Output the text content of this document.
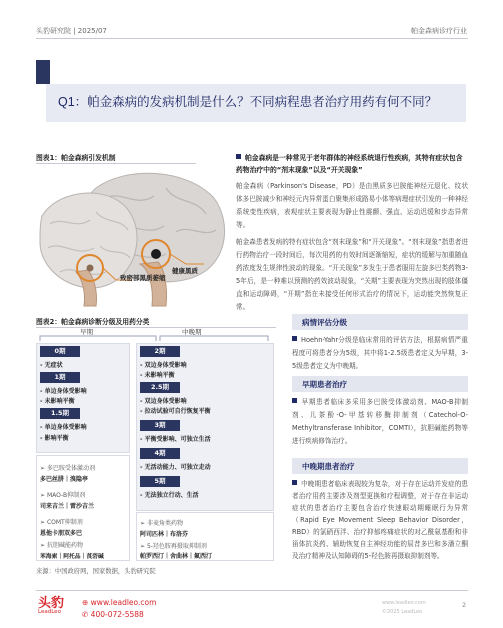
头豹研究院 | 2025/07	帕金森病诊疗行业
Q1：帕金森病的发病机制是什么？不同病程患者治疗用药有何不同？
图表1：帕金森病引发机制
健康黑质
致密部黑质萎缩
帕金森病是一种常见于老年群体的神经系统退行性疾病，其特有症状包含药物治疗中的“剂末现象”以及“开关现象”
帕金森病（Parkinson's Disease，PD）是由黑质多巴胺能神经元退化、纹状体多巴胺减少和神经元内异常蛋白聚集形成路易小体等病理症状引发的一种神经系统变性疾病，表观症状主要表现为静止性震颤、强直、运动迟缓和步态异常等。
帕金森患者发病的特有症状包含“剂末现象”和“开关现象”。“剂末现象”指患者进行药物治疗一段时间后，每次用药的有效时间逐渐缩短，症状的缓解与加重随血药浓度发生规律性波动的现象。“开关现象”多发生于患者服用左旋多巴类药物3-5年后，是一种难以预测的药效波动现象，“关期”主要表现为突然出现的肢体僵直和运动障碍，“开期”指在未接受任何形式治疗的情况下，运动能突然恢复正常。
图表2：帕金森病诊断分级及用药分类
早期	中晚期
0期
- 无症状
1期
- 单边身体受影响
- 未影响平衡
1.5期
- 单边身体受影响
- 影响平衡
➢ 多巴胺受体激动剂
多巴丝肼｜溴隐亭
➢ MAO-B抑制剂
司来吉兰｜雷沙吉兰
➢ COMT抑制剂
恩他卡朋双多巴
➢ 抗胆碱能药物
苯海索｜阿托品｜莨菪碱
2期
- 双边身体受影响
- 未影响平衡
2.5期
- 双边身体受影响
- 拉动试验可自行恢复平衡
3期
- 平衡受影响、可独立生活
4期
- 无活动能力、可独立走动
5期
- 无法独立行动、生活
➢ 非麦角类药物
阿司匹林｜布洛芬
➢ 5-羟色胺再摄取抑制剂
帕罗西汀｜舍曲林｜氟西汀
来源：中国政府网，国家数据，头豹研究院
病情评估分级
Hoehn-Yahr分级是临床常用的评估方法，根据病情严重程度可将患者分为5级，其中将1-2.5级患者定义为早期，3-5级患者定义为中晚期。
早期患者治疗
早期患者临床多采用多巴胺受体激动剂、MAO-B抑制剂、儿茶酚-O-甲基转移酶抑制剂（Catechol-O-Methyltransferase Inhibitor，COMTI），抗胆碱能药物等进行疾病修饰治疗。
中晚期患者治疗
中晚期患者临床表现较为复杂，对于存在运动并发症的患者治疗用药主要涉及剂型更换和疗程调整，对于存在非运动症状的患者治疗主要包含治疗快速眼动期睡眠行为异常（Rapid Eye Movement Sleep Behavior Disorder，RBD）的氯硝西泮、治疗抑郁疼痛症状的对乙酰氨基酚和非甾体抗炎药、辅助恢复自主神经功能的屈昔多巴和多潘立酮及治疗精神及认知障碍的5-羟色胺再摄取抑制剂等。
头豹
LeadLeo
⊕ www.leadleo.com
✆ 400-072-5588
www.leadleo.com
©2025 LeadLeo
2
